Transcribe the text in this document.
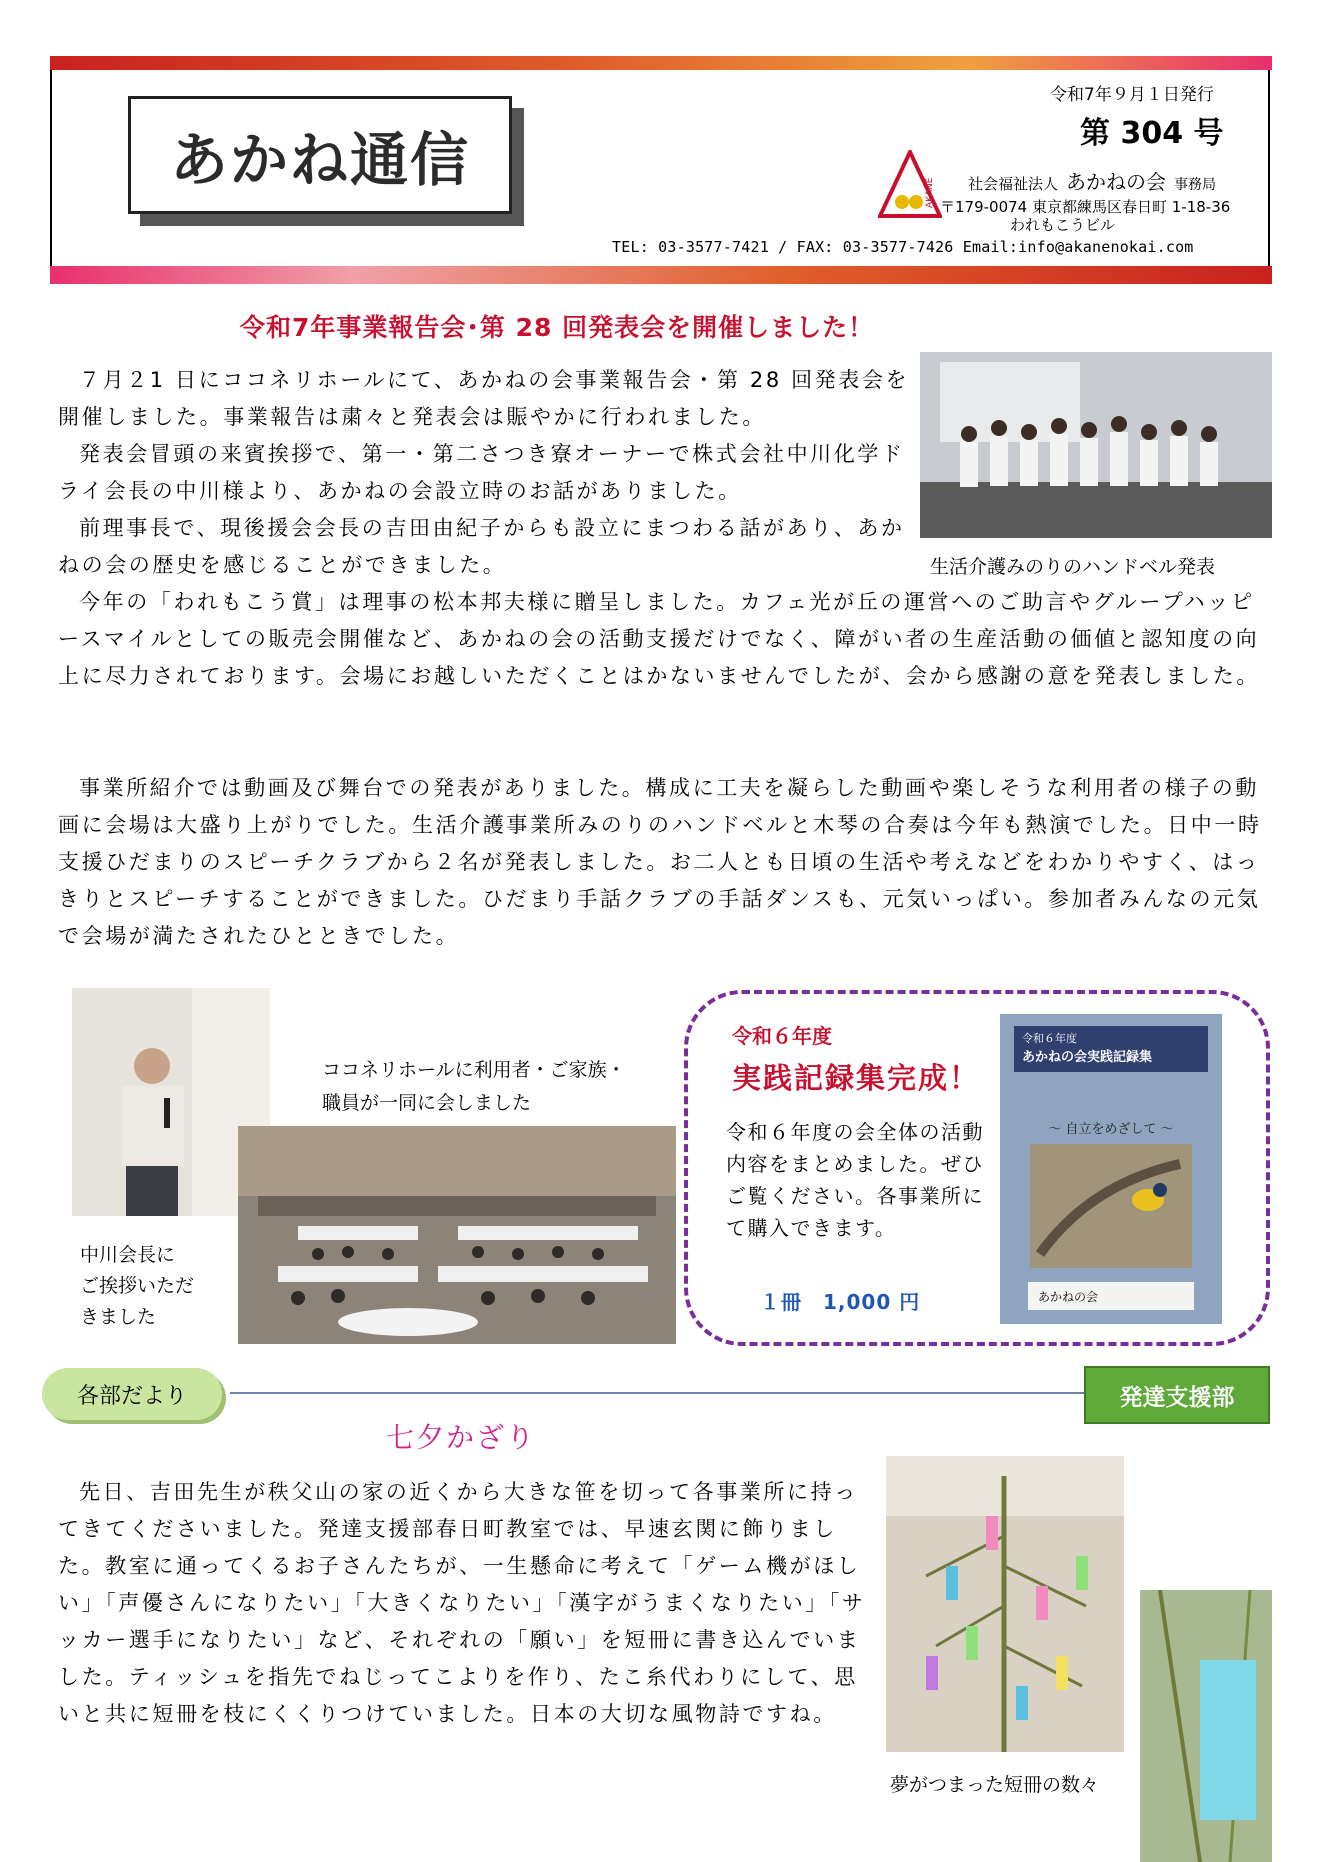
あかね通信
令和7年９月１日発行
第 304 号
AKANE 社会福祉法人 あかねの会 事務局
〒179-0074 東京都練馬区春日町 1-18-36
われもこうビル
TEL: 03-3577-7421 / FAX: 03-3577-7426 Email:info@akanenokai.com
令和7年事業報告会･第 28 回発表会を開催しました！
７月２1 日にココネリホールにて、あかねの会事業報告会・第 28 回発表会を開催しました。事業報告は粛々と発表会は賑やかに行われました。
発表会冒頭の来賓挨拶で、第一・第二さつき寮オーナーで株式会社中川化学ドライ会長の中川様より、あかねの会設立時のお話がありました。
前理事長で、現後援会会長の吉田由紀子からも設立にまつわる話があり、あかねの会の歴史を感じることができました。
今年の「われもこう賞」は理事の松本邦夫様に贈呈しました。カフェ光が丘の運営へのご助言やグループハッピースマイルとしての販売会開催など、あかねの会の活動支援だけでなく、障がい者の生産活動の価値と認知度の向上に尽力されております。会場にお越しいただくことはかないませんでしたが、会から感謝の意を発表しました。
事業所紹介では動画及び舞台での発表がありました。構成に工夫を凝らした動画や楽しそうな利用者の様子の動画に会場は大盛り上がりでした。生活介護事業所みのりのハンドベルと木琴の合奏は今年も熱演でした。日中一時支援ひだまりのスピーチクラブから２名が発表しました。お二人とも日頃の生活や考えなどをわかりやすく、はっきりとスピーチすることができました。ひだまり手話クラブの手話ダンスも、元気いっぱい。参加者みんなの元気で会場が満たされたひとときでした。
生活介護みのりのハンドベル発表
中川会長に
ご挨拶いただ
きました
ココネリホールに利用者・ご家族・
職員が一同に会しました
令和６年度
実践記録集完成！
令和６年度の会全体の活動内容をまとめました。ぜひご覧ください。各事業所にて購入できます。
１冊　1,000 円
令和６年度
あかねの会実践記録集
～ 自立をめざして ～
あかねの会
各部だより	発達支援部
七夕かざり
先日、吉田先生が秩父山の家の近くから大きな笹を切って各事業所に持ってきてくださいました。発達支援部春日町教室では、早速玄関に飾りました。教室に通ってくるお子さんたちが、一生懸命に考えて「ゲーム機がほしい」「声優さんになりたい」「大きくなりたい」「漢字がうまくなりたい」「サッカー選手になりたい」など、それぞれの「願い」を短冊に書き込んでいました。ティッシュを指先でねじってこよりを作り、たこ糸代わりにして、思いと共に短冊を枝にくくりつけていました。日本の大切な風物詩ですね。
夢がつまった短冊の数々
